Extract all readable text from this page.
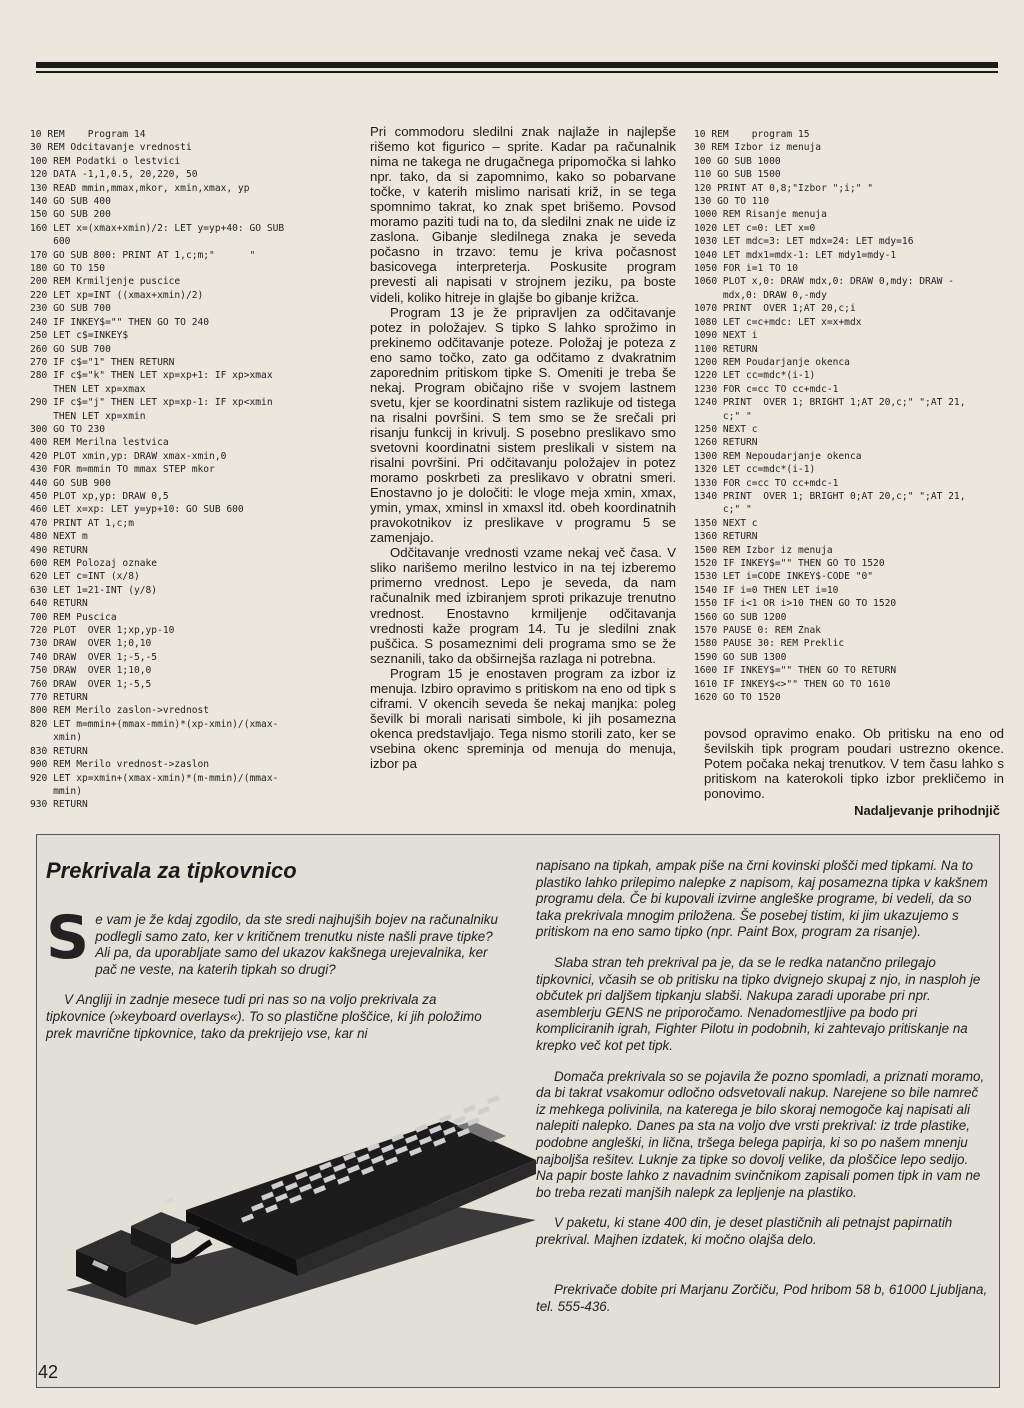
10 REM    Program 14
30 REM Odcitavanje vrednosti
100 REM Podatki o lestvici
120 DATA -1,1,0.5, 20,220, 50
130 READ mmin,mmax,mkor, xmin,xmax, yp
140 GO SUB 400
150 GO SUB 200
160 LET x=(xmax+xmin)/2: LET y=yp+40: GO SUB
600
170 GO SUB 800: PRINT AT 1,c;m;"      "
180 GO TO 150
200 REM Krmiljenje puscice
220 LET xp=INT ((xmax+xmin)/2)
230 GO SUB 700
240 IF INKEY$="" THEN GO TO 240
250 LET c$=INKEY$
260 GO SUB 700
270 IF c$="1" THEN RETURN
280 IF c$="k" THEN LET xp=xp+1: IF xp>xmax
THEN LET xp=xmax
290 IF c$="j" THEN LET xp=xp-1: IF xp<xmin
THEN LET xp=xmin
300 GO TO 230
400 REM Merilna lestvica
420 PLOT xmin,yp: DRAW xmax-xmin,0
430 FOR m=mmin TO mmax STEP mkor
440 GO SUB 900
450 PLOT xp,yp: DRAW 0,5
460 LET x=xp: LET y=yp+10: GO SUB 600
470 PRINT AT 1,c;m
480 NEXT m
490 RETURN
600 REM Polozaj oznake
620 LET c=INT (x/8)
630 LET 1=21-INT (y/8)
640 RETURN
700 REM Puscica
720 PLOT  OVER 1;xp,yp-10
730 DRAW  OVER 1;0,10
740 DRAW  OVER 1;-5,-5
750 DRAW  OVER 1;10,0
760 DRAW  OVER 1;-5,5
770 RETURN
800 REM Merilo zaslon->vrednost
820 LET m=mmin+(mmax-mmin)*(xp-xmin)/(xmax-
xmin)
830 RETURN
900 REM Merilo vrednost->zaslon
920 LET xp=xmin+(xmax-xmin)*(m-mmin)/(mmax-
mmin)
930 RETURN

Pri commodoru sledilni znak najlaže in najlepše rišemo kot figurico – sprite. Kadar pa računalnik nima ne takega ne drugačnega pripomočka si lahko npr. tako, da si zapomnimo, kako so pobarvane točke, v katerih mislimo narisati križ, in se tega spomnimo takrat, ko znak spet brišemo. Povsod moramo paziti tudi na to, da sledilni znak ne uide iz zaslona. Gibanje sledilnega znaka je seveda počasno in trzavo: temu je kriva počasnost basicovega interpreterja. Poskusite program prevesti ali napisati v strojnem jeziku, pa boste videli, koliko hitreje in glajše bo gibanje križca.

Program 13 je že pripravljen za odčitavanje potez in položajev. S tipko S lahko sprožimo in prekinemo odčitavanje poteze. Položaj je poteza z eno samo točko, zato ga odčitamo z dvakratnim zaporednim pritiskom tipke S. Omeniti je treba še nekaj. Program običajno riše v svojem lastnem svetu, kjer se koordinatni sistem razlikuje od tistega na risalni površini. S tem smo se že srečali pri risanju funkcij in krivulj. S posebno preslikavo smo svetovni koordinatni sistem preslikali v sistem na risalni površini. Pri odčitavanju položajev in potez moramo poskrbeti za preslikavo v obratni smeri. Enostavno jo je določiti: le vloge meja xmin, xmax, ymin, ymax, xminsl in xmaxsl itd. obeh koordinatnih pravokotnikov iz preslikave v programu 5 se zamenjajo.

Odčitavanje vrednosti vzame nekaj več časa. V sliko narišemo merilno lestvico in na tej izberemo primerno vrednost. Lepo je seveda, da nam računalnik med izbiranjem sproti prikazuje trenutno vrednost. Enostavno krmiljenje odčitavanja vrednosti kaže program 14. Tu je sledilni znak puščica. S posameznimi deli programa smo se že seznanili, tako da obširnejša razlaga ni potrebna.

Program 15 je enostaven program za izbor iz menuja. Izbiro opravimo s pritiskom na eno od tipk s ciframi. V okencih seveda še nekaj manjka: poleg ševilk bi morali narisati simbole, ki jih posamezna okenca predstavljajo. Tega nismo storili zato, ker se vsebina okenc spreminja od menuja do menuja, izbor pa

10 REM    program 15
30 REM Izbor iz menuja
100 GO SUB 1000
110 GO SUB 1500
120 PRINT AT 0,8;"Izbor ";i;" "
130 GO TO 110
1000 REM Risanje menuja
1020 LET c=0: LET x=0
1030 LET mdc=3: LET mdx=24: LET mdy=16
1040 LET mdx1=mdx-1: LET mdy1=mdy-1
1050 FOR i=1 TO 10
1060 PLOT x,0: DRAW mdx,0: DRAW 0,mdy: DRAW -
mdx,0: DRAW 0,-mdy
1070 PRINT  OVER 1;AT 20,c;i
1080 LET c=c+mdc: LET x=x+mdx
1090 NEXT i
1100 RETURN
1200 REM Poudarjanje okenca
1220 LET cc=mdc*(i-1)
1230 FOR c=cc TO cc+mdc-1
1240 PRINT  OVER 1; BRIGHT 1;AT 20,c;" ";AT 21,
c;" "
1250 NEXT c
1260 RETURN
1300 REM Nepoudarjanje okenca
1320 LET cc=mdc*(i-1)
1330 FOR c=cc TO cc+mdc-1
1340 PRINT  OVER 1; BRIGHT 0;AT 20,c;" ";AT 21,
c;" "
1350 NEXT c
1360 RETURN
1500 REM Izbor iz menuja
1520 IF INKEY$="" THEN GO TO 1520
1530 LET i=CODE INKEY$-CODE "0"
1540 IF i=0 THEN LET i=10
1550 IF i<1 OR i>10 THEN GO TO 1520
1560 GO SUB 1200
1570 PAUSE 0: REM Znak
1580 PAUSE 30: REM Preklic
1590 GO SUB 1300
1600 IF INKEY$="" THEN GO TO RETURN
1610 IF INKEY$<>"" THEN GO TO 1610
1620 GO TO 1520

povsod opravimo enako. Ob pritisku na eno od ševilskih tipk program poudari ustrezno okence. Potem počaka nekaj trenutkov. V tem času lahko s pritiskom na katerokoli tipko izbor prekličemo in ponovimo.

Nadaljevanje prihodnjič
Prekrivala za tipkovnico

Se vam je že kdaj zgodilo, da ste sredi najhujših bojev na računalniku podlegli samo zato, ker v kritičnem trenutku niste našli prave tipke? Ali pa, da uporabljate samo del ukazov kakšnega urejevalnika, ker pač ne veste, na katerih tipkah so drugi?

V Angliji in zadnje mesece tudi pri nas so na voljo prekrivala za tipkovnice (»keyboard overlays«). To so plastične ploščice, ki jih položimo prek mavrične tipkovnice, tako da prekrijejo vse, kar ni

napisano na tipkah, ampak piše na črni kovinski plošči med tipkami. Na to plastiko lahko prilepimo nalepke z napisom, kaj posamezna tipka v kakšnem programu dela. Če bi kupovali izvirne angleške programe, bi vedeli, da so taka prekrivala mnogim priložena. Še posebej tistim, ki jim ukazujemo s pritiskom na eno samo tipko (npr. Paint Box, program za risanje).

Slaba stran teh prekrival pa je, da se le redka natančno prilegajo tipkovnici, včasih se ob pritisku na tipko dvignejo skupaj z njo, in nasploh je občutek pri daljšem tipkanju slabši. Nakupa zaradi uporabe pri npr. asemblerju GENS ne priporočamo. Nenadomestljive pa bodo pri kompliciranih igrah, Fighter Pilotu in podobnih, ki zahtevajo pritiskanje na krepko več kot pet tipk.

Domača prekrivala so se pojavila že pozno spomladi, a priznati moramo, da bi takrat vsakomur odločno odsvetovali nakup. Narejene so bile namreč iz mehkega polivinila, na katerega je bilo skoraj nemogoče kaj napisati ali nalepiti nalepko. Danes pa sta na voljo dve vrsti prekrival: iz trde plastike, podobne angleški, in lična, tršega belega papirja, ki so po našem mnenju najboljša rešitev. Luknje za tipke so dovolj velike, da ploščice lepo sedijo. Na papir boste lahko z navadnim svinčnikom zapisali pomen tipk in vam ne bo treba rezati manjših nalepk za lepljenje na plastiko.

V paketu, ki stane 400 din, je deset plastičnih ali petnajst papirnatih prekrival. Majhen izdatek, ki močno olajša delo.

Prekrivače dobite pri Marjanu Zorčiču, Pod hribom 58 b, 61000 Ljubljana, tel. 555-436.

42
